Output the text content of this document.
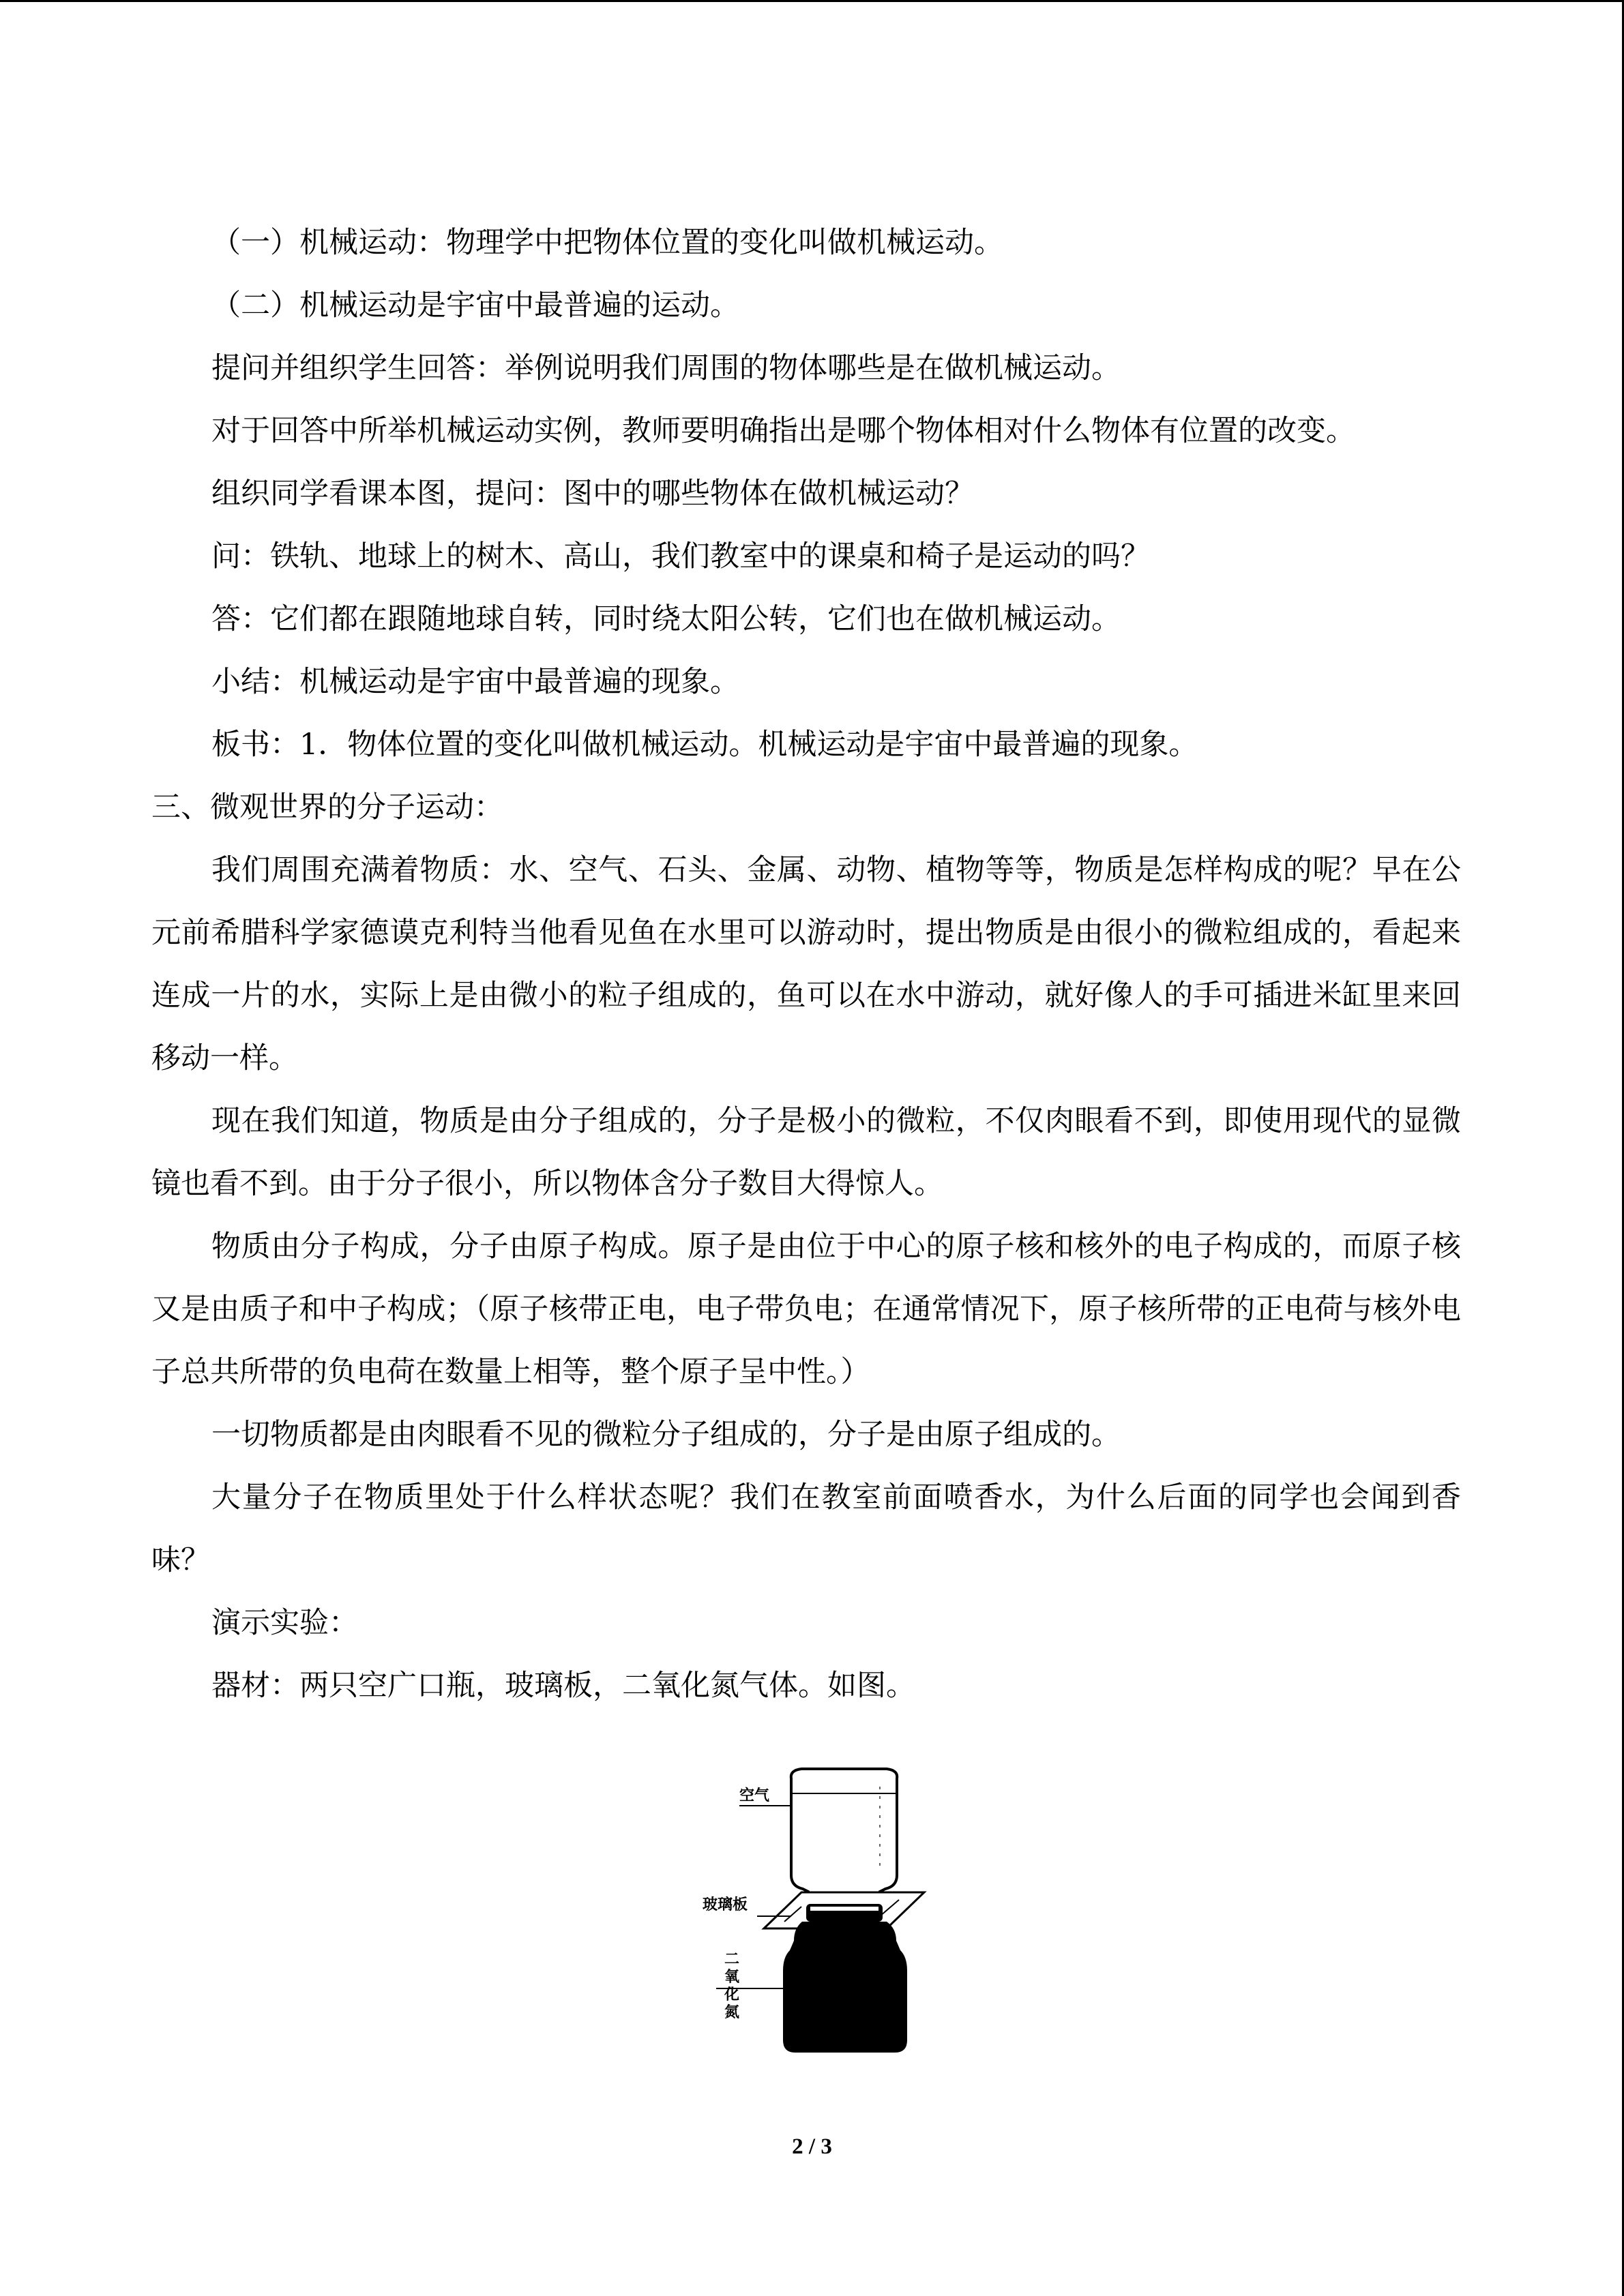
（一）机械运动：物理学中把物体位置的变化叫做机械运动。

（二）机械运动是宇宙中最普遍的运动。

提问并组织学生回答：举例说明我们周围的物体哪些是在做机械运动。

对于回答中所举机械运动实例，教师要明确指出是哪个物体相对什么物体有位置的改变。

组织同学看课本图，提问：图中的哪些物体在做机械运动？

问：铁轨、地球上的树木、高山，我们教室中的课桌和椅子是运动的吗？

答：它们都在跟随地球自转，同时绕太阳公转，它们也在做机械运动。

小结：机械运动是宇宙中最普遍的现象。

板书：1．物体位置的变化叫做机械运动。机械运动是宇宙中最普遍的现象。

三、微观世界的分子运动：

我们周围充满着物质：水、空气、石头、金属、动物、植物等等，物质是怎样构成的呢？早在公元前希腊科学家德谟克利特当他看见鱼在水里可以游动时，提出物质是由很小的微粒组成的，看起来连成一片的水，实际上是由微小的粒子组成的，鱼可以在水中游动，就好像人的手可插进米缸里来回移动一样。

现在我们知道，物质是由分子组成的，分子是极小的微粒，不仅肉眼看不到，即使用现代的显微镜也看不到。由于分子很小，所以物体含分子数目大得惊人。

物质由分子构成，分子由原子构成。原子是由位于中心的原子核和核外的电子构成的，而原子核又是由质子和中子构成；（原子核带正电，电子带负电；在通常情况下，原子核所带的正电荷与核外电子总共所带的负电荷在数量上相等，整个原子呈中性。）

一切物质都是由肉眼看不见的微粒分子组成的，分子是由原子组成的。

大量分子在物质里处于什么样状态呢？我们在教室前面喷香水，为什么后面的同学也会闻到香味？

演示实验：

器材：两只空广口瓶，玻璃板，二氧化氮气体。如图。

空气
玻璃板
二
氧
化
氮
2 / 3
